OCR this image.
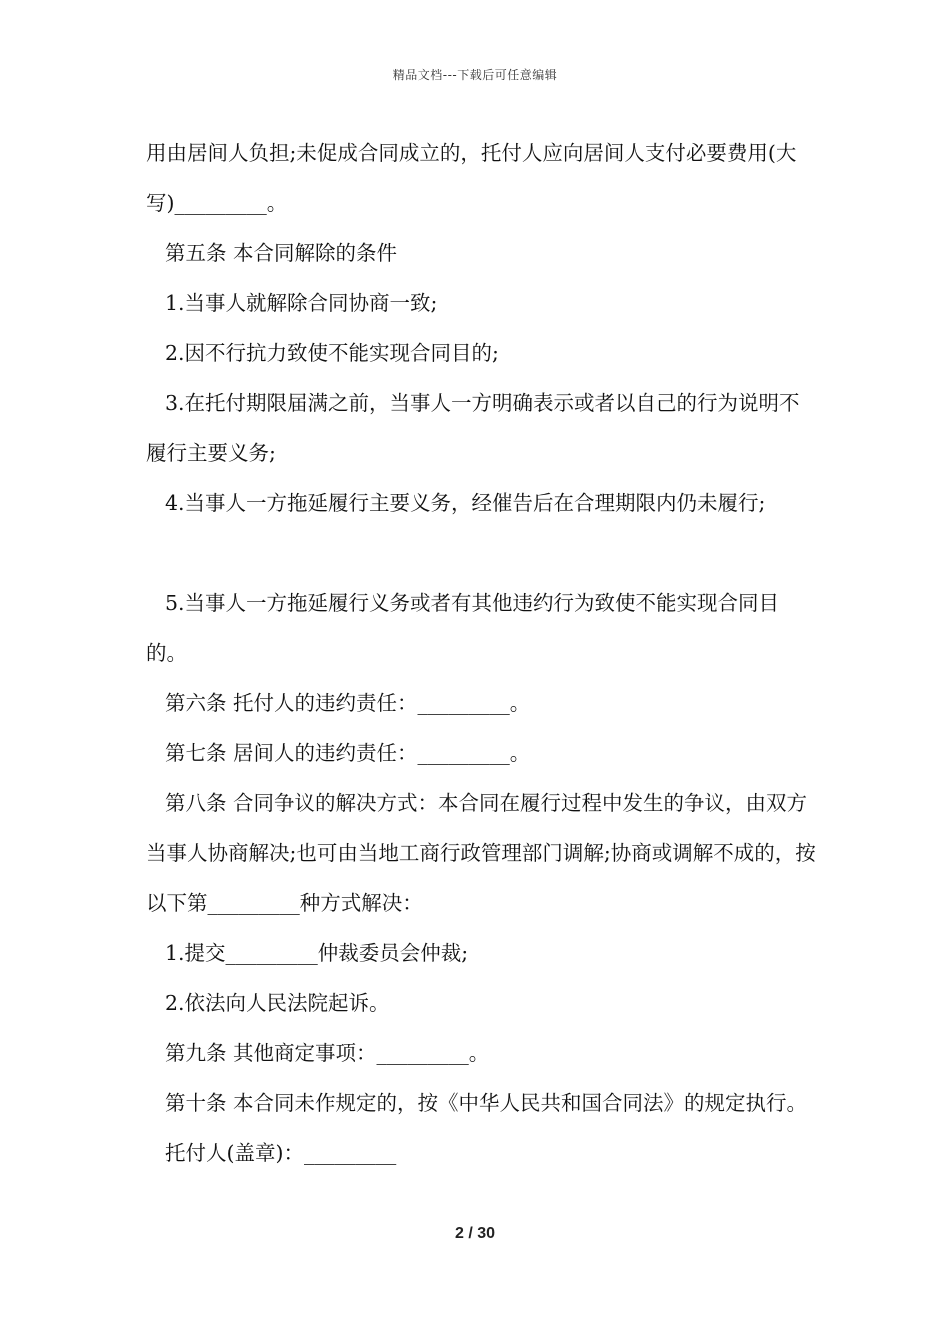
精品文档---下载后可任意编辑

用由居间人负担;未促成合同成立的，托付人应向居间人支付必要费用(大写)_________。

第五条 本合同解除的条件

1.当事人就解除合同协商一致;

2.因不行抗力致使不能实现合同目的;

3.在托付期限届满之前，当事人一方明确表示或者以自己的行为说明不履行主要义务;

4.当事人一方拖延履行主要义务，经催告后在合理期限内仍未履行;

5.当事人一方拖延履行义务或者有其他违约行为致使不能实现合同目的。

第六条 托付人的违约责任：_________。

第七条 居间人的违约责任：_________。

第八条 合同争议的解决方式：本合同在履行过程中发生的争议，由双方当事人协商解决;也可由当地工商行政管理部门调解;协商或调解不成的，按以下第_________种方式解决：

1.提交_________仲裁委员会仲裁;

2.依法向人民法院起诉。

第九条 其他商定事项：_________。

第十条 本合同未作规定的，按《中华人民共和国合同法》的规定执行。

托付人(盖章)：_________

2 / 30
